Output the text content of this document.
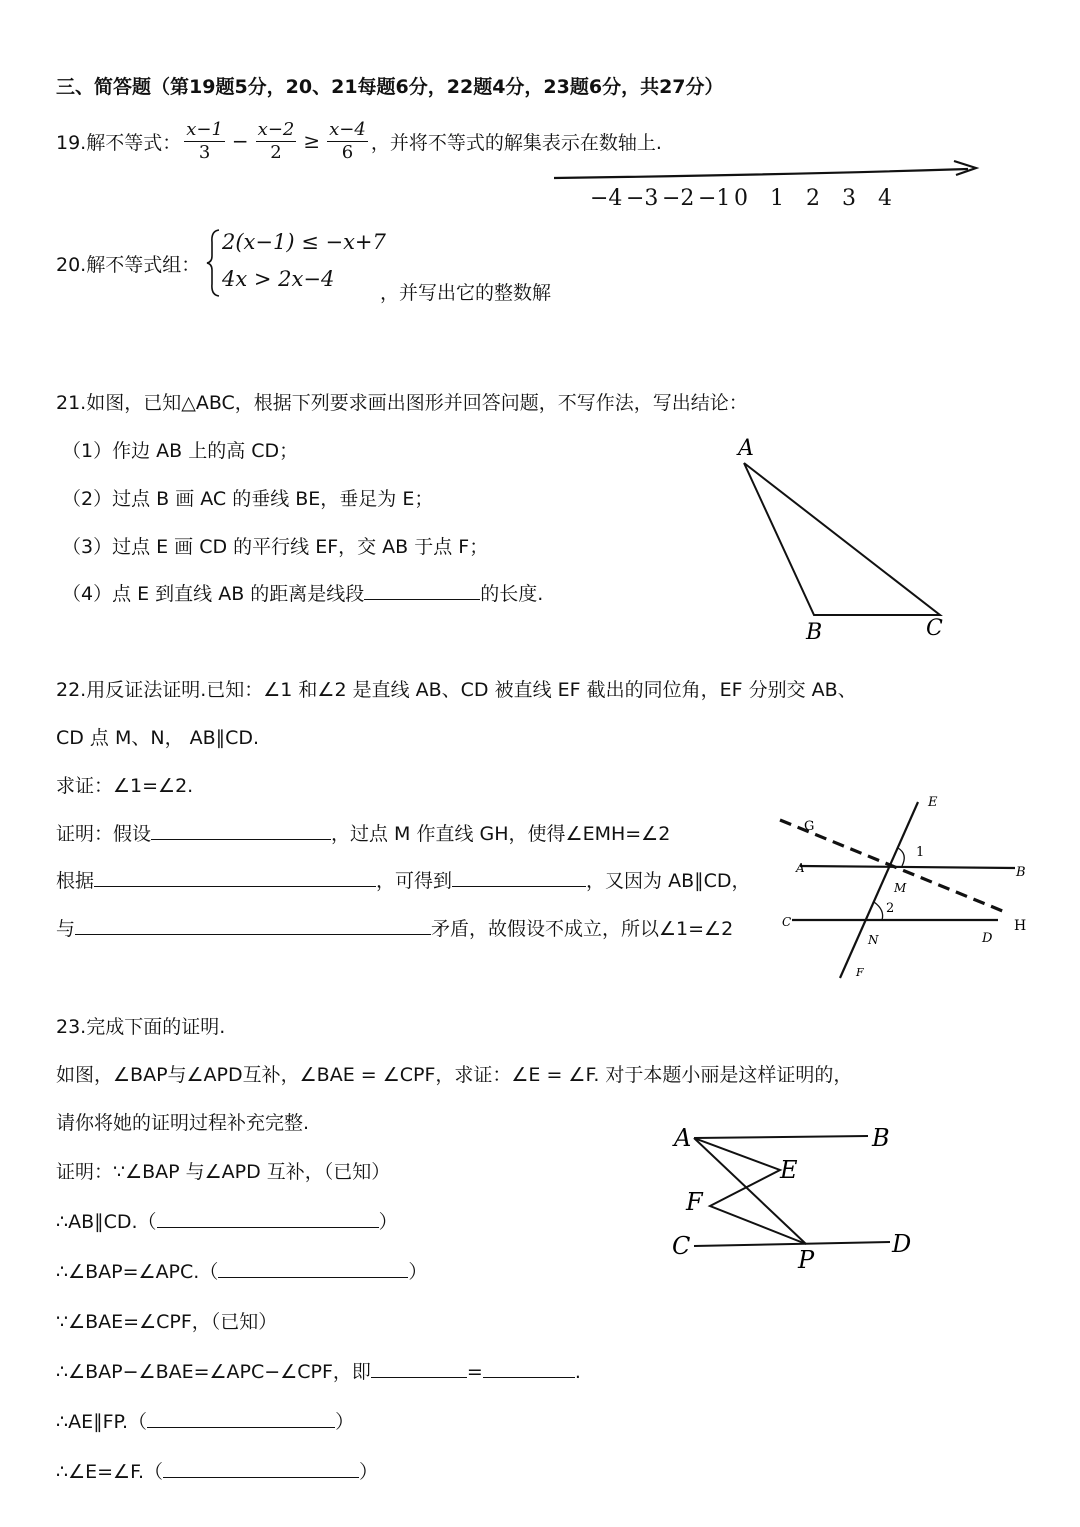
三、简答题（第19题5分，20、21每题6分，22题4分，23题6分，共27分）
19.解不等式： $\frac{x-1}{3} - \frac{x-2}{2} \ge \frac{x-4}{6}$ ，并将不等式的解集表示在数轴上.
−4 −3 −2 −1 0 1 2 3 4
20.解不等式组：
2(x−1) ≤ −x+7
4x > 2x−4
，并写出它的整数解
21.如图，已知△ABC，根据下列要求画出图形并回答问题，不写作法，写出结论：
（1）作边 AB 上的高 CD；
（2）过点 B 画 AC 的垂线 BE，垂足为 E；
（3）过点 E 画 CD 的平行线 EF，交 AB 于点 F；
（4）点 E 到直线 AB 的距离是线段	的长度.
A
B	C
22.用反证法证明.已知：∠1 和∠2 是直线 AB、CD 被直线 EF 截出的同位角，EF 分别交 AB、
CD 点 M、N， AB∥CD.
求证：∠1=∠2.
证明：假设	，过点 M 作直线 GH，使得∠EMH=∠2
根据	，可得到	，又因为 AB∥CD，
与	矛盾，故假设不成立，所以∠1=∠2
E
G
1
A	B
M
2
C	H
N	D
F
23.完成下面的证明.
如图，∠BAP与∠APD互补，∠BAE = ∠CPF，求证：∠E = ∠F. 对于本题小丽是这样证明的，
请你将她的证明过程补充完整.
证明：∵∠BAP 与∠APD 互补，（已知）
∴AB∥CD.（	）
∴∠BAP=∠APC.（	）
∵∠BAE=∠CPF，（已知）
∴∠BAP−∠BAE=∠APC−∠CPF，即	=	.
∴AE∥FP.（	）
∴∠E=∠F.（	）
A	B
E
F
C	P
D
